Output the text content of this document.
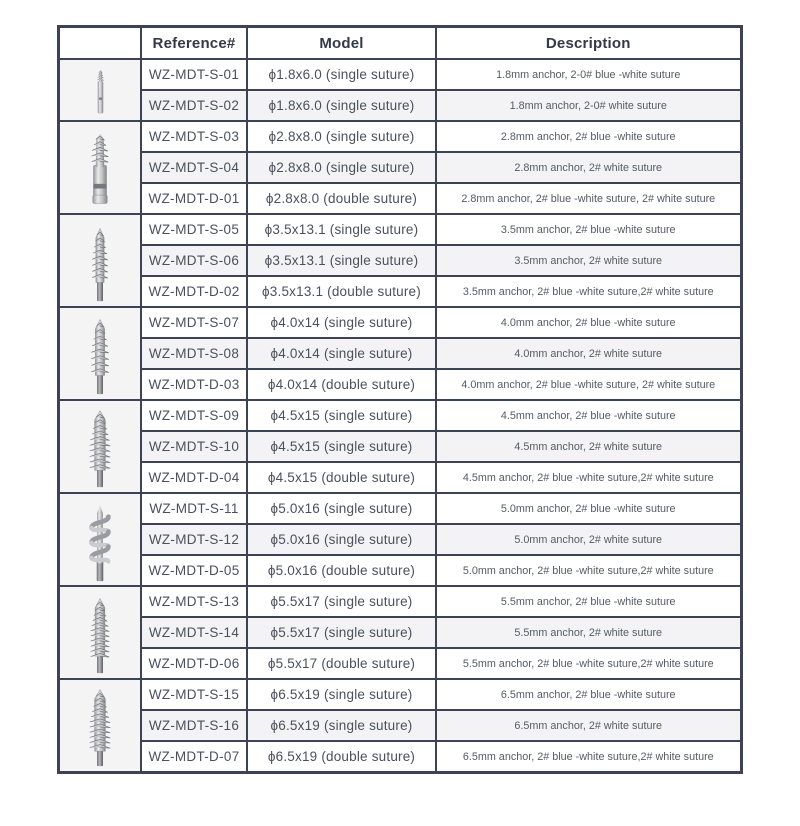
	Reference#	Model	Description

	WZ-MDT-S-01	ϕ1.8x6.0 (single suture)	1.8mm anchor, 2-0# blue -white suture
	WZ-MDT-S-02	ϕ1.8x6.0 (single suture)	1.8mm anchor, 2-0# white suture

	WZ-MDT-S-03	ϕ2.8x8.0 (single suture)	2.8mm anchor, 2# blue -white suture
	WZ-MDT-S-04	ϕ2.8x8.0 (single suture)	2.8mm anchor, 2# white suture
	WZ-MDT-D-01	ϕ2.8x8.0 (double suture)	2.8mm anchor, 2# blue -white suture, 2# white suture

	WZ-MDT-S-05	ϕ3.5x13.1 (single suture)	3.5mm anchor, 2# blue -white suture
	WZ-MDT-S-06	ϕ3.5x13.1 (single suture)	3.5mm anchor, 2# white suture
	WZ-MDT-D-02	ϕ3.5x13.1 (double suture)	3.5mm anchor, 2# blue -white suture,2# white suture

	WZ-MDT-S-07	ϕ4.0x14 (single suture)	4.0mm anchor, 2# blue -white suture
	WZ-MDT-S-08	ϕ4.0x14 (single suture)	4.0mm anchor, 2# white suture
	WZ-MDT-D-03	ϕ4.0x14 (double suture)	4.0mm anchor, 2# blue -white suture, 2# white suture

	WZ-MDT-S-09	ϕ4.5x15 (single suture)	4.5mm anchor, 2# blue -white suture
	WZ-MDT-S-10	ϕ4.5x15 (single suture)	4.5mm anchor, 2# white suture
	WZ-MDT-D-04	ϕ4.5x15 (double suture)	4.5mm anchor, 2# blue -white suture,2# white suture

	WZ-MDT-S-11	ϕ5.0x16 (single suture)	5.0mm anchor, 2# blue -white suture
	WZ-MDT-S-12	ϕ5.0x16 (single suture)	5.0mm anchor, 2# white suture
	WZ-MDT-D-05	ϕ5.0x16 (double suture)	5.0mm anchor, 2# blue -white suture,2# white suture

	WZ-MDT-S-13	ϕ5.5x17 (single suture)	5.5mm anchor, 2# blue -white suture
	WZ-MDT-S-14	ϕ5.5x17 (single suture)	5.5mm anchor, 2# white suture
	WZ-MDT-D-06	ϕ5.5x17 (double suture)	5.5mm anchor, 2# blue -white suture,2# white suture

	WZ-MDT-S-15	ϕ6.5x19 (single suture)	6.5mm anchor, 2# blue -white suture
	WZ-MDT-S-16	ϕ6.5x19 (single suture)	6.5mm anchor, 2# white suture
	WZ-MDT-D-07	ϕ6.5x19 (double suture)	6.5mm anchor, 2# blue -white suture,2# white suture
